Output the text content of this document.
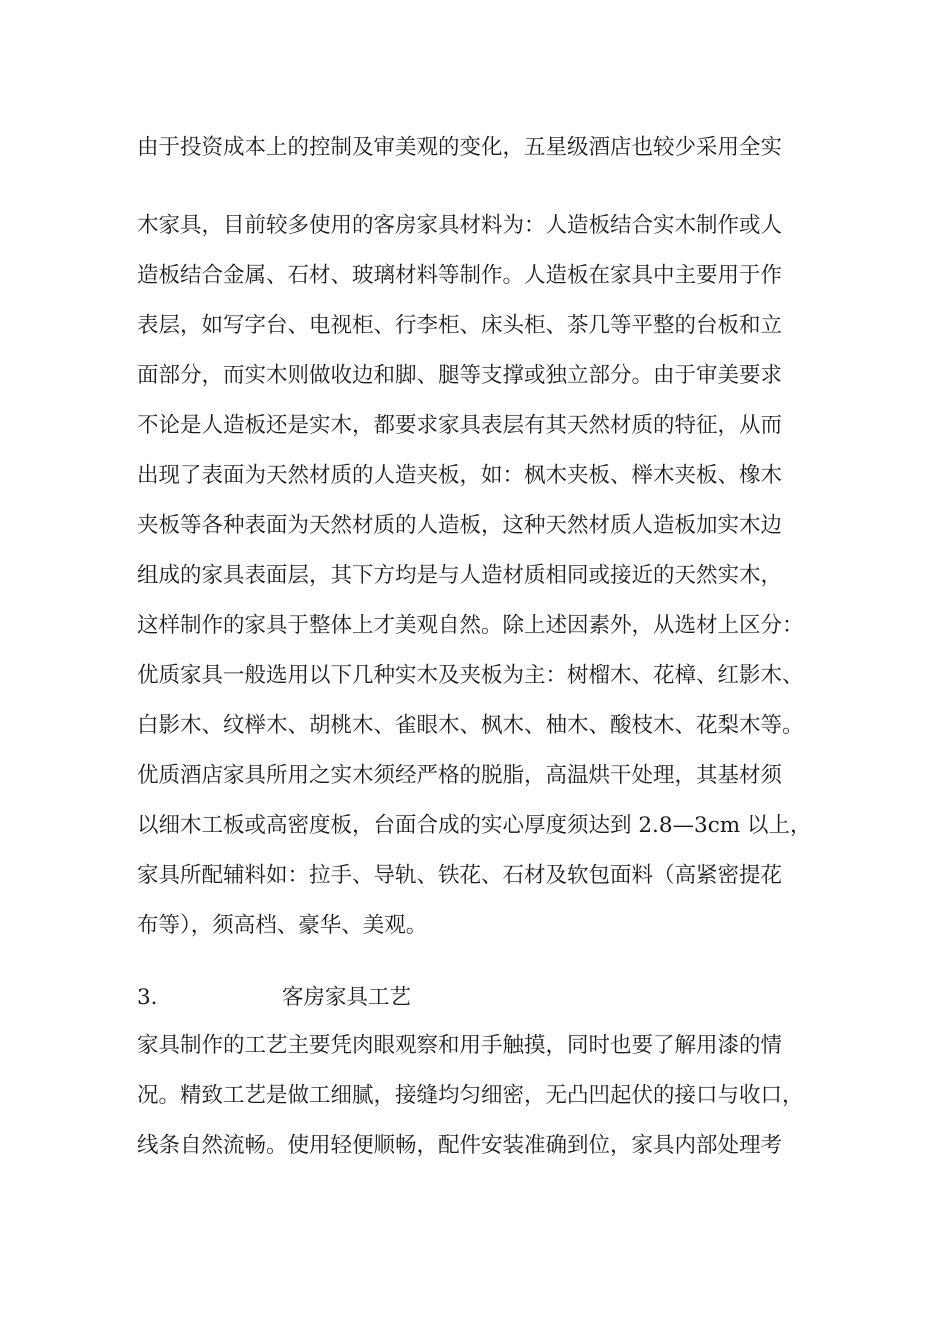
由于投资成本上的控制及审美观的变化，五星级酒店也较少采用全实
木家具，目前较多使用的客房家具材料为：人造板结合实木制作或人
造板结合金属、石材、玻璃材料等制作。人造板在家具中主要用于作
表层，如写字台、电视柜、行李柜、床头柜、茶几等平整的台板和立
面部分，而实木则做收边和脚、腿等支撑或独立部分。由于审美要求
不论是人造板还是实木，都要求家具表层有其天然材质的特征，从而
出现了表面为天然材质的人造夹板，如：枫木夹板、榉木夹板、橡木
夹板等各种表面为天然材质的人造板，这种天然材质人造板加实木边
组成的家具表面层，其下方均是与人造材质相同或接近的天然实木，
这样制作的家具于整体上才美观自然。除上述因素外，从选材上区分：
优质家具一般选用以下几种实木及夹板为主：树榴木、花樟、红影木、
白影木、纹榉木、胡桃木、雀眼木、枫木、柚木、酸枝木、花梨木等。
优质酒店家具所用之实木须经严格的脱脂，高温烘干处理，其基材须
以细木工板或高密度板，台面合成的实心厚度须达到 2.8—3cm 以上，
家具所配辅料如：拉手、导轨、铁花、石材及软包面料（高紧密提花
布等），须高档、豪华、美观。
3.	客房家具工艺
家具制作的工艺主要凭肉眼观察和用手触摸，同时也要了解用漆的情
况。精致工艺是做工细腻，接缝均匀细密，无凸凹起伏的接口与收口，
线条自然流畅。使用轻便顺畅，配件安装准确到位，家具内部处理考
